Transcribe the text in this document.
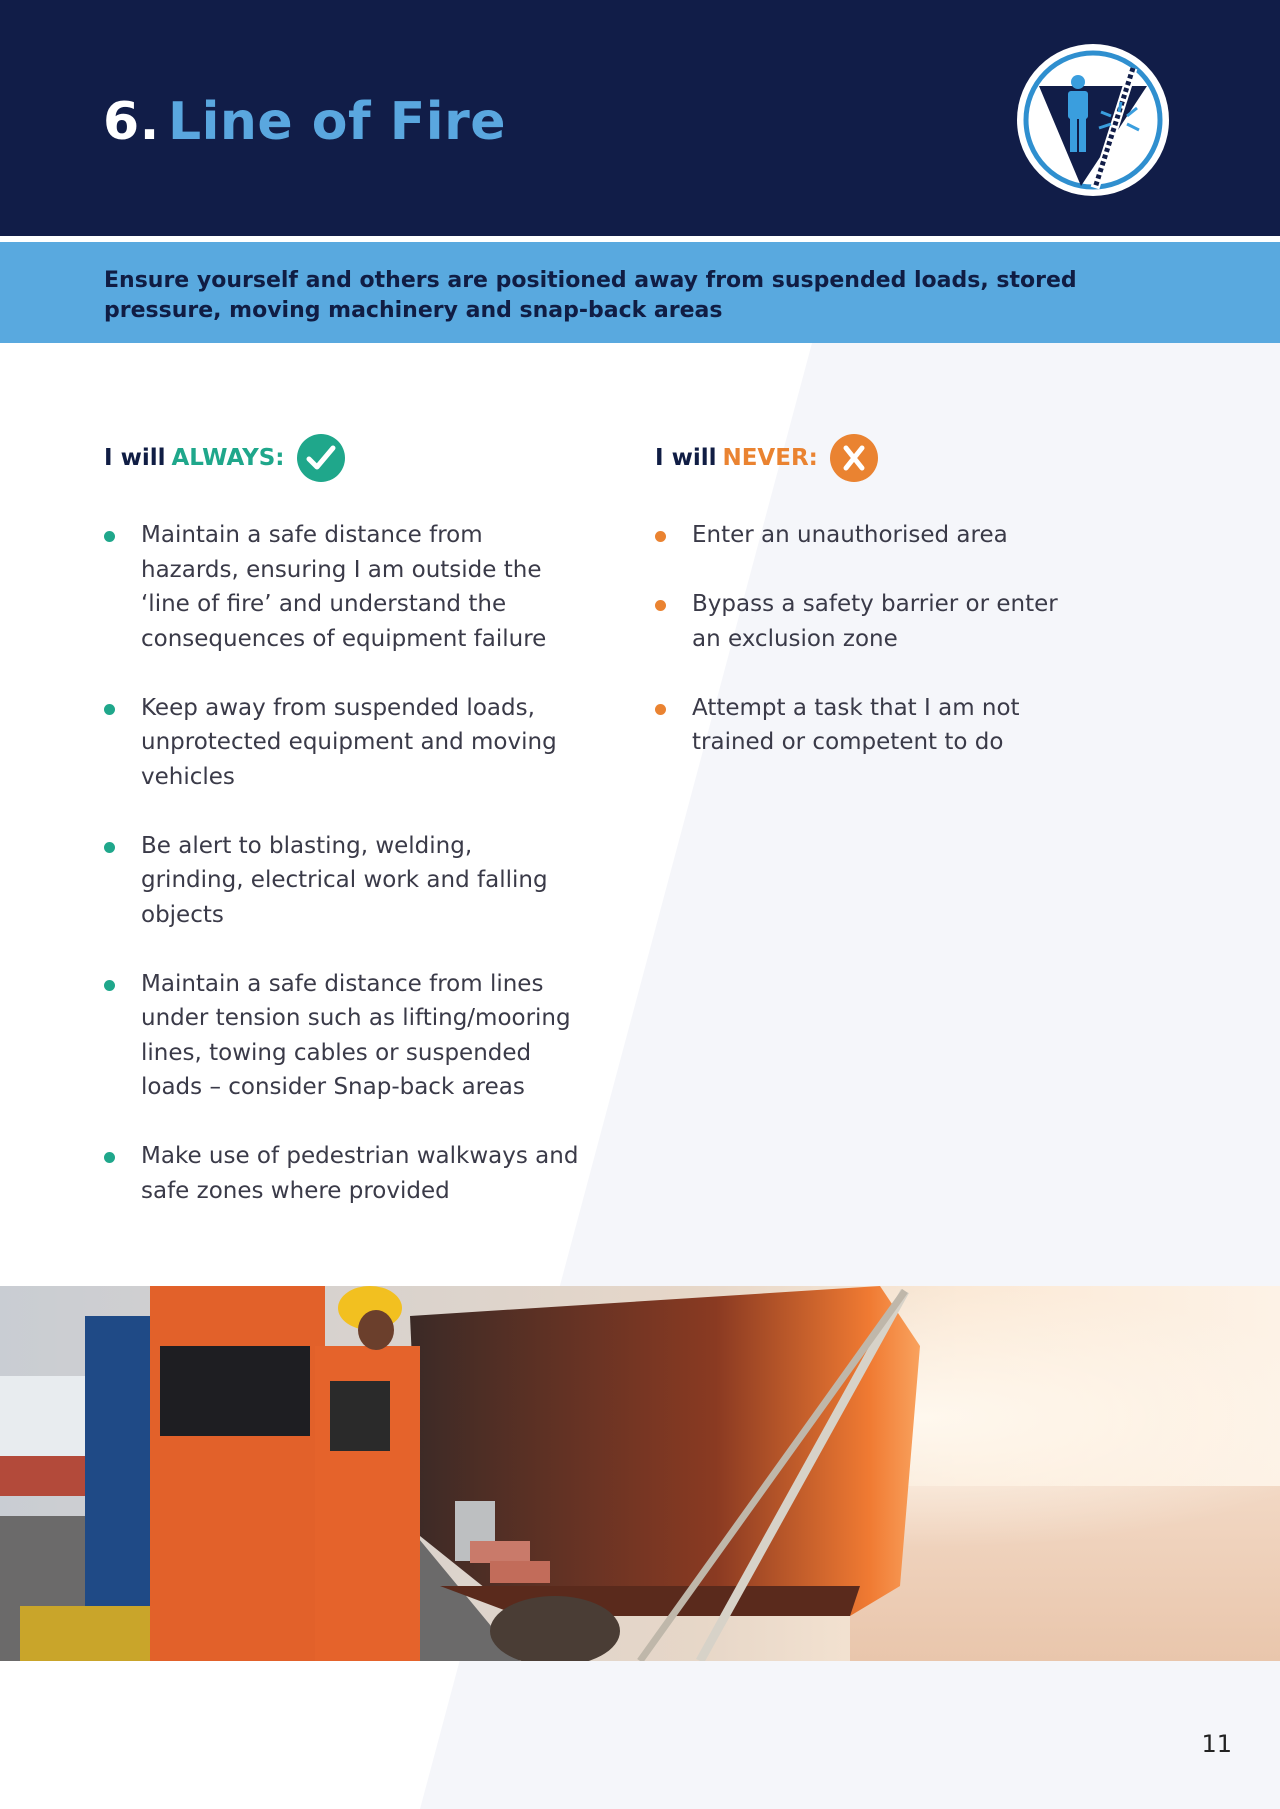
6. Line of Fire

Ensure yourself and others are positioned away from suspended loads, stored pressure, moving machinery and snap-back areas

I will ALWAYS:
Maintain a safe distance from hazards, ensuring I am outside the ‘line of fire’ and understand the consequences of equipment failure
Keep away from suspended loads, unprotected equipment and moving vehicles
Be alert to blasting, welding, grinding, electrical work and falling objects
Maintain a safe distance from lines under tension such as lifting/mooring lines, towing cables or suspended loads – consider Snap-back areas
Make use of pedestrian walkways and safe zones where provided
I will NEVER:
Enter an unauthorised area
Bypass a safety barrier or enter an exclusion zone
Attempt a task that I am not trained or competent to do

11
